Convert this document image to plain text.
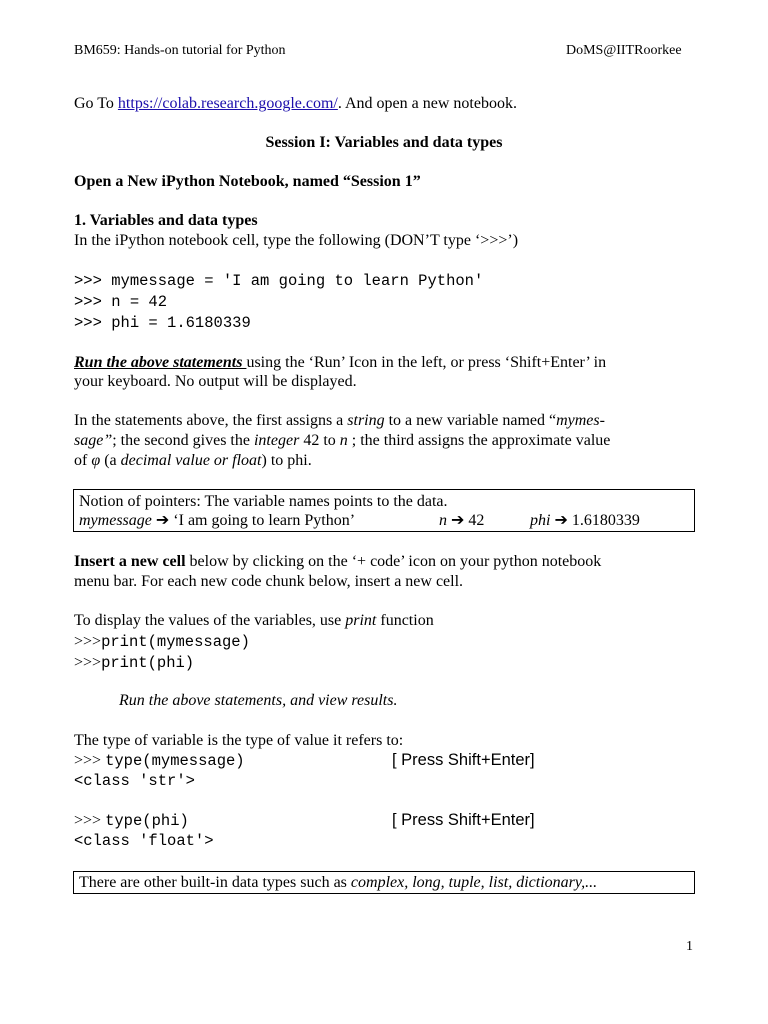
BM659: Hands-on tutorial for Python	DoMS@IITRoorkee
Go To https://colab.research.google.com/. And open a new notebook.
Session I: Variables and data types
Open a New iPython Notebook, named “Session 1”
1. Variables and data types
In the iPython notebook cell, type the following (DON’T type ‘>>>’)
>>> mymessage = 'I am going to learn Python'
>>> n = 42
>>> phi = 1.6180339
Run the above statements using the ‘Run’ Icon in the left, or press ‘Shift+Enter’ in
your keyboard. No output will be displayed.
In the statements above, the first assigns a string to a new variable named “mymes-
sage”; the second gives the integer 42 to n ; the third assigns the approximate value
of φ (a decimal value or float) to phi.
Notion of pointers: The variable names points to the data.
mymessage ➔ ‘I am going to learn Python’	n ➔ 42	phi ➔ 1.6180339
Insert a new cell below by clicking on the ‘+ code’ icon on your python notebook
menu bar. For each new code chunk below, insert a new cell.
To display the values of the variables, use print function
>>>print(mymessage)
>>>print(phi)
Run the above statements, and view results.
The type of variable is the type of value it refers to:
>>> type(mymessage)	[ Press Shift+Enter]
<class 'str'>
>>> type(phi)	[ Press Shift+Enter]
<class 'float'>
There are other built-in data types such as complex, long, tuple, list, dictionary,...
1
